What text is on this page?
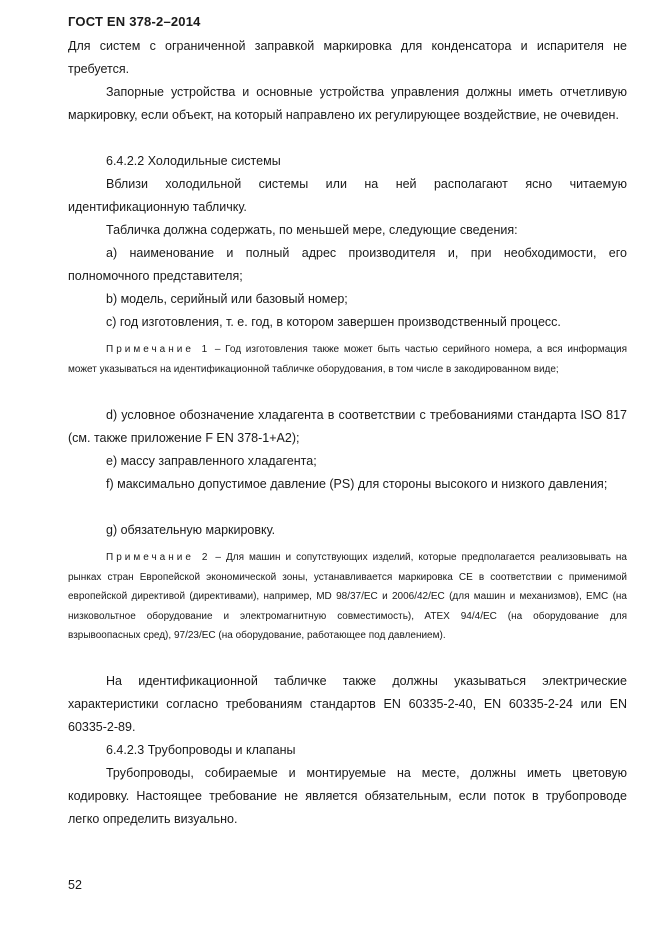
ГОСТ EN 378-2–2014
Для систем с ограниченной заправкой маркировка для конденсатора и испарителя не требуется.
Запорные устройства и основные устройства управления должны иметь отчетливую маркировку, если объект, на который направлено их регулирующее воздействие, не очевиден.
6.4.2.2 Холодильные системы
Вблизи холодильной системы или на ней располагают ясно читаемую идентификационную табличку.
Табличка должна содержать, по меньшей мере, следующие сведения:
а) наименование и полный адрес производителя и, при необходимости, его полномочного представителя;
b) модель, серийный или базовый номер;
с) год изготовления, т. е. год, в котором завершен производственный процесс.
Примечание 1 – Год изготовления также может быть частью серийного номера, а вся информация может указываться на идентификационной табличке оборудования, в том числе в закодированном виде;
d) условное обозначение хладагента в соответствии с требованиями стандарта ISO 817 (см. также приложение F EN 378-1+A2);
е) массу заправленного хладагента;
f) максимально допустимое давление (PS) для стороны высокого и низкого давления;
g) обязательную маркировку.
Примечание 2 – Для машин и сопутствующих изделий, которые предполагается реализовывать на рынках стран Европейской экономической зоны, устанавливается маркировка CE в соответствии с применимой европейской директивой (директивами), например, MD 98/37/EC и 2006/42/EC (для машин и механизмов), EMC (на низковольтное оборудование и электромагнитную совместимость), ATEX 94/4/EC (на оборудование для взрывоопасных сред), 97/23/EC (на оборудование, работающее под давлением).
На идентификационной табличке также должны указываться электрические характеристики согласно требованиям стандартов EN 60335-2-40, EN 60335-2-24 или EN 60335-2-89.
6.4.2.3 Трубопроводы и клапаны
Трубопроводы, собираемые и монтируемые на месте, должны иметь цветовую кодировку. Настоящее требование не является обязательным, если поток в трубопроводе легко определить визуально.
52
